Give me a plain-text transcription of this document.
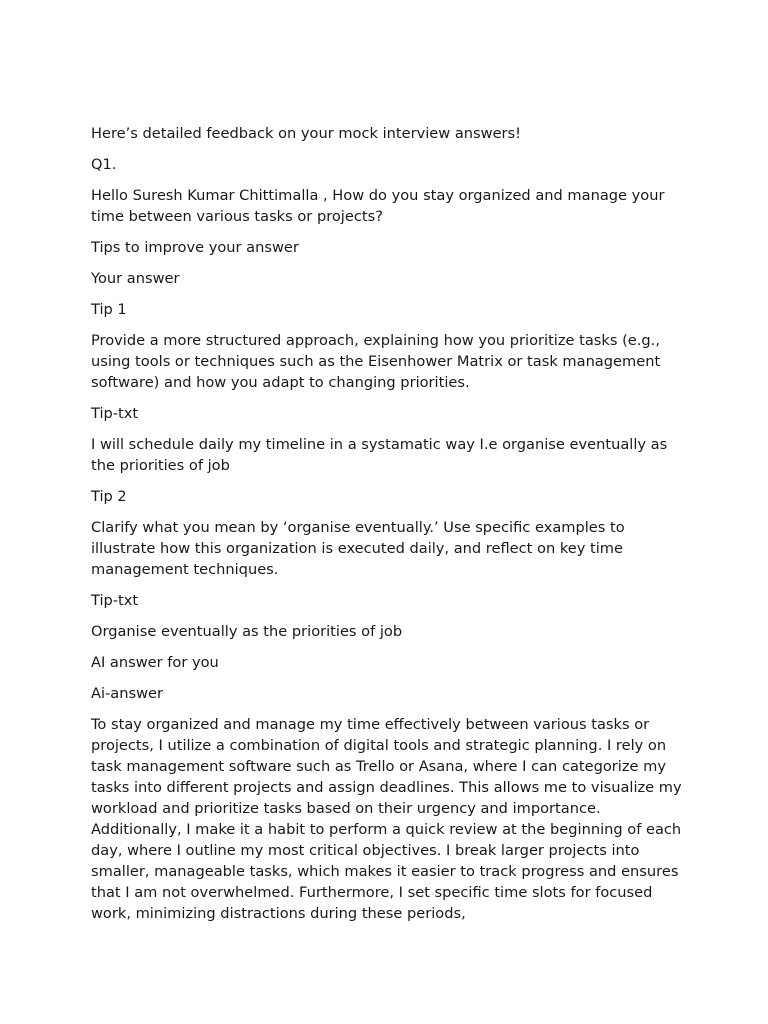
Here’s detailed feedback on your mock interview answers!

Q1.

Hello Suresh Kumar Chittimalla , How do you stay organized and manage your time between various tasks or projects?

Tips to improve your answer

Your answer

Tip 1

Provide a more structured approach, explaining how you prioritize tasks (e.g., using tools or techniques such as the Eisenhower Matrix or task management software) and how you adapt to changing priorities.

Tip-txt

I will schedule daily my timeline in a systamatic way I.e organise eventually as the priorities of job

Tip 2

Clarify what you mean by ‘organise eventually.’ Use specific examples to illustrate how this organization is executed daily, and reflect on key time management techniques.

Tip-txt

Organise eventually as the priorities of job

AI answer for you

Ai-answer

To stay organized and manage my time effectively between various tasks or projects, I utilize a combination of digital tools and strategic planning. I rely on task management software such as Trello or Asana, where I can categorize my tasks into different projects and assign deadlines. This allows me to visualize my workload and prioritize tasks based on their urgency and importance. Additionally, I make it a habit to perform a quick review at the beginning of each day, where I outline my most critical objectives. I break larger projects into smaller, manageable tasks, which makes it easier to track progress and ensures that I am not overwhelmed. Furthermore, I set specific time slots for focused work, minimizing distractions during these periods,
